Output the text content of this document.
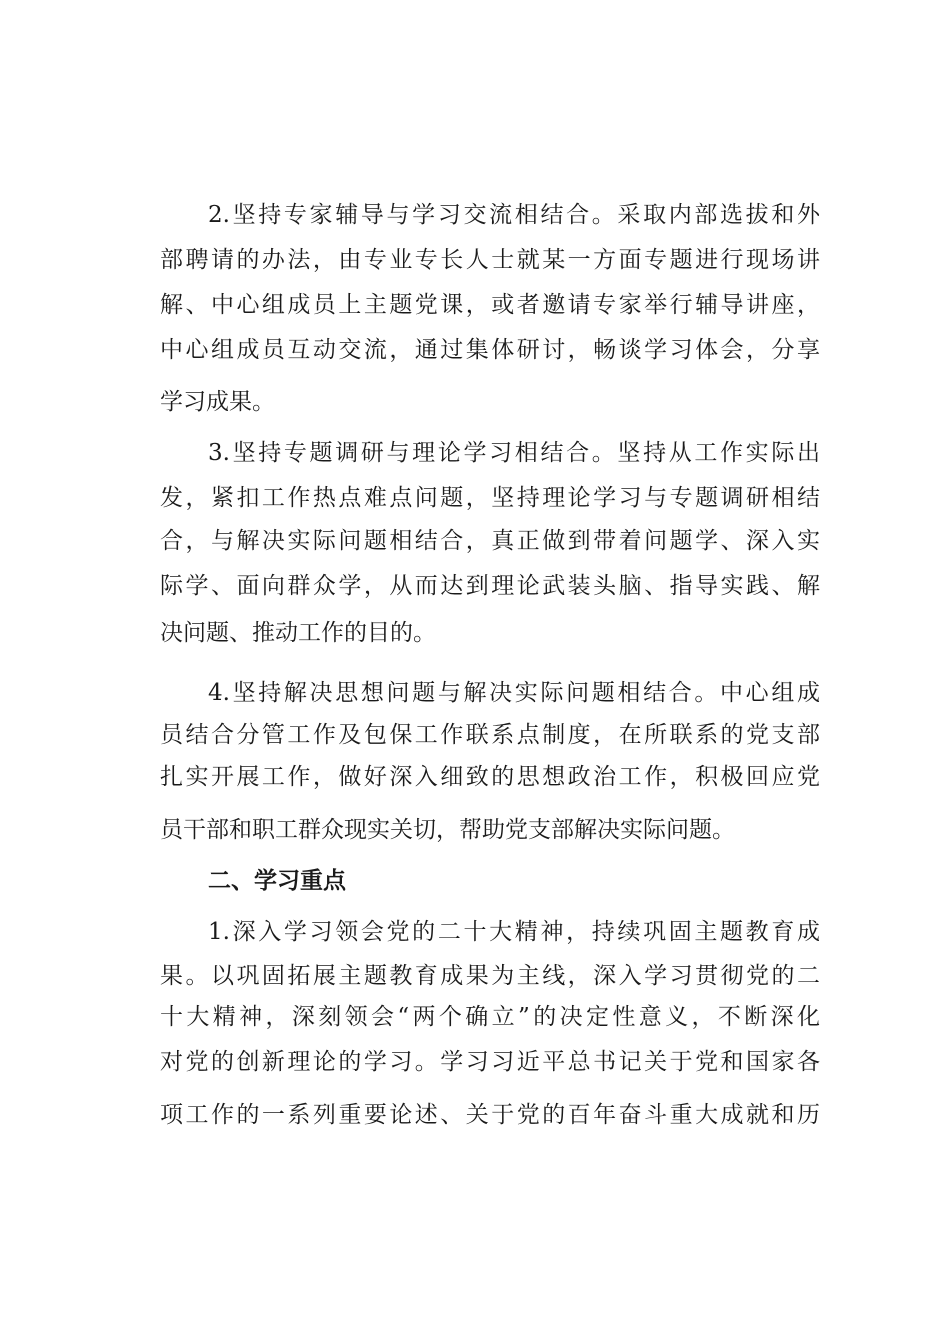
2.坚持专家辅导与学习交流相结合。采取内部选拔和外
部聘请的办法，由专业专长人士就某一方面专题进行现场讲
解、中心组成员上主题党课，或者邀请专家举行辅导讲座，
中心组成员互动交流，通过集体研讨，畅谈学习体会，分享
学习成果。
3.坚持专题调研与理论学习相结合。坚持从工作实际出
发，紧扣工作热点难点问题，坚持理论学习与专题调研相结
合，与解决实际问题相结合，真正做到带着问题学、深入实
际学、面向群众学，从而达到理论武装头脑、指导实践、解
决问题、推动工作的目的。
4.坚持解决思想问题与解决实际问题相结合。中心组成
员结合分管工作及包保工作联系点制度，在所联系的党支部
扎实开展工作，做好深入细致的思想政治工作，积极回应党
员干部和职工群众现实关切，帮助党支部解决实际问题。
二、学习重点
1.深入学习领会党的二十大精神，持续巩固主题教育成
果。以巩固拓展主题教育成果为主线，深入学习贯彻党的二
十大精神，深刻领会“两个确立”的决定性意义，不断深化
对党的创新理论的学习。学习习近平总书记关于党和国家各
项工作的一系列重要论述、关于党的百年奋斗重大成就和历
